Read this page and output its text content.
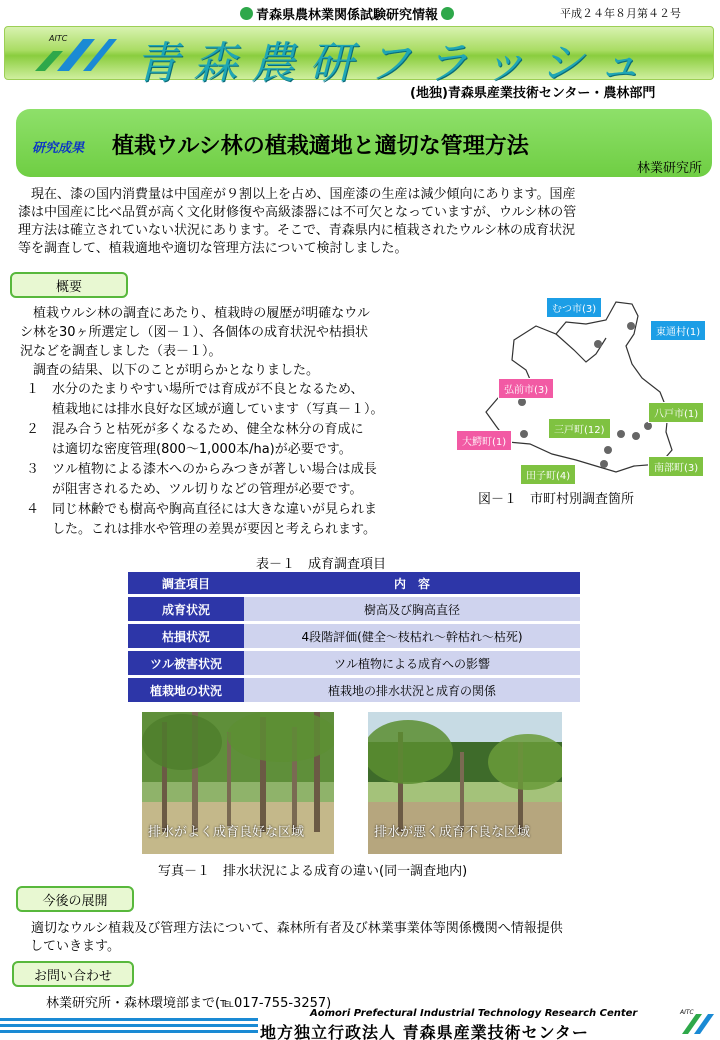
青森県農林業関係試験研究情報	平成２４年８月第４２号
AITC 青森農研フラッシュ
(地独)青森県産業技術センター・農林部門
研究成果 植栽ウルシ林の植栽適地と適切な管理方法
林業研究所
　現在、漆の国内消費量は中国産が９割以上を占め、国産漆の生産は減少傾向にあります。国産
漆は中国産に比べ品質が高く文化財修復や高級漆器には不可欠となっていますが、ウルシ林の管
理方法は確立されていない状況にあります。そこで、青森県内に植栽されたウルシ林の成育状況
等を調査して、植栽適地や適切な管理方法について検討しました。
概要
　植栽ウルシ林の調査にあたり、植栽時の履歴が明確なウル
シ林を30ヶ所選定し（図－１）、各個体の成育状況や枯損状
況などを調査しました（表－１）。
　調査の結果、以下のことが明らかとなりました。
１ 水分のたまりやすい場所では育成が不良となるため、
植栽地には排水良好な区域が適しています（写真－１）。
２ 混み合うと枯死が多くなるため、健全な林分の育成に
は適切な密度管理(800～1,000本/ha)が必要です。
３ ツル植物による漆木へのからみつきが著しい場合は成長
が阻害されるため、ツル切りなどの管理が必要です。
４ 同じ林齢でも樹高や胸高直径には大きな違いが見られま
した。これは排水や管理の差異が要因と考えられます。
むつ市(3)
東通村(1)
弘前市(3)
八戸市(1)
三戸町(12)
大鰐町(1)
南部町(3)
田子町(4)
図－１　市町村別調査箇所
表－１　成育調査項目
調査項目	内　容
成育状況	樹高及び胸高直径
枯損状況	4段階評価(健全～枝枯れ～幹枯れ～枯死)
ツル被害状況	ツル植物による成育への影響
植栽地の状況	植栽地の排水状況と成育の関係
排水がよく成育良好な区域	排水が悪く成育不良な区域
写真－１　排水状況による成育の違い(同一調査地内)
今後の展開
　適切なウルシ植栽及び管理方法について、森林所有者及び林業事業体等関係機関へ情報提供
していきます。
お問い合わせ
林業研究所・森林環境部まで(℡017-755-3257)
Aomori Prefectural Industrial Technology Research Center
地方独立行政法人 青森県産業技術センター
AITC
